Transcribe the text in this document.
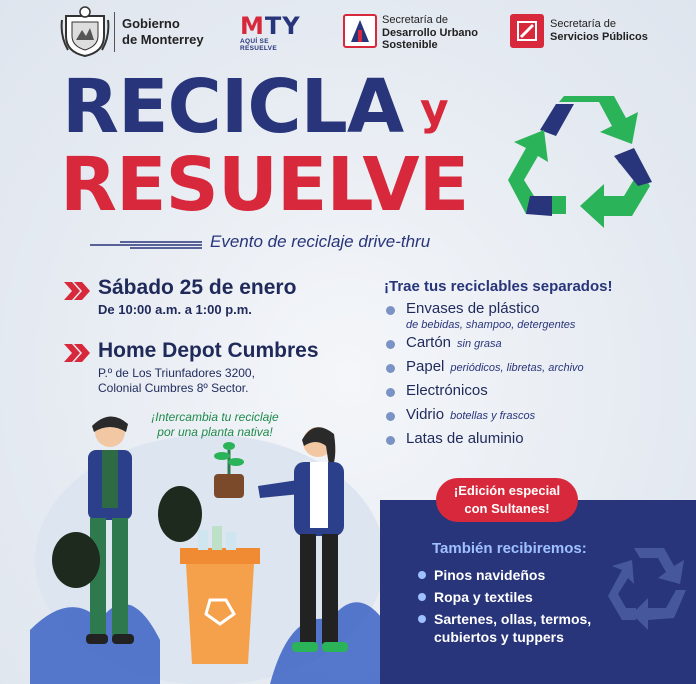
Gobierno
de Monterrey MTY
AQUÍ SE RESUELVE
Secretaría de
Desarrollo Urbano
Sostenible
Secretaría de
Servicios Públicos
RECICLA y
RESUELVE
Evento de reciclaje drive-thru
Sábado 25 de enero
De 10:00 a.m. a 1:00 p.m.
Home Depot Cumbres
P.º de Los Triunfadores 3200,
Colonial Cumbres 8º Sector.
¡Trae tus reciclables separados!
Envases de plástico
de bebidas, shampoo, detergentes
Cartón sin grasa
Papel periódicos, libretas, archivo
Electrónicos
Vidrio botellas y frascos
Latas de aluminio
¡Intercambia tu reciclaje
por una planta nativa!
¡Edición especial
con Sultanes!
También recibiremos:
Pinos navideños
Ropa y textiles
Sartenes, ollas, termos,
cubiertos y tuppers
